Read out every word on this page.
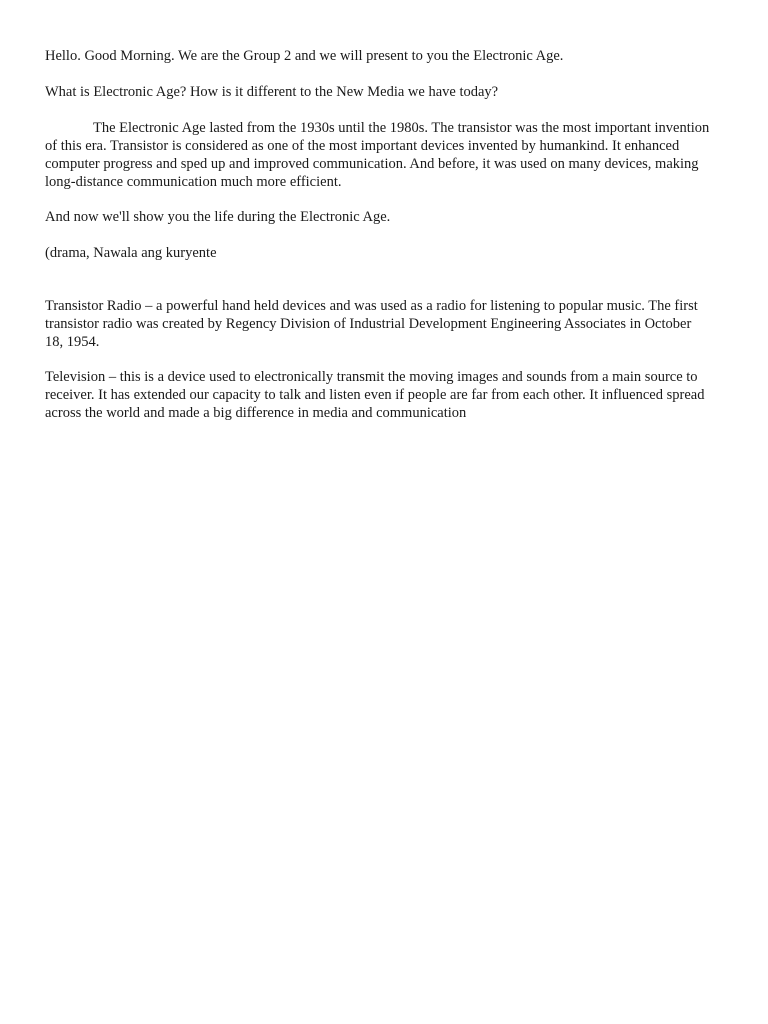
Hello. Good Morning. We are the Group 2 and we will present to you the Electronic Age.

What is Electronic Age? How is it different to the New Media we have today?

The Electronic Age lasted from the 1930s until the 1980s. The transistor was the most important invention of this era. Transistor is considered as one of the most important devices invented by humankind. It enhanced computer progress and sped up and improved communication. And before, it was used on many devices, making long-distance communication much more efficient.

And now we'll show you the life during the Electronic Age.

(drama, Nawala ang kuryente

Transistor Radio – a powerful hand held devices and was used as a radio for listening to popular music. The first transistor radio was created by Regency Division of Industrial Development Engineering Associates in October 18, 1954.

Television – this is a device used to electronically transmit the moving images and sounds from a main source to receiver. It has extended our capacity to talk and listen even if people are far from each other. It influenced spread across the world and made a big difference in media and communication
